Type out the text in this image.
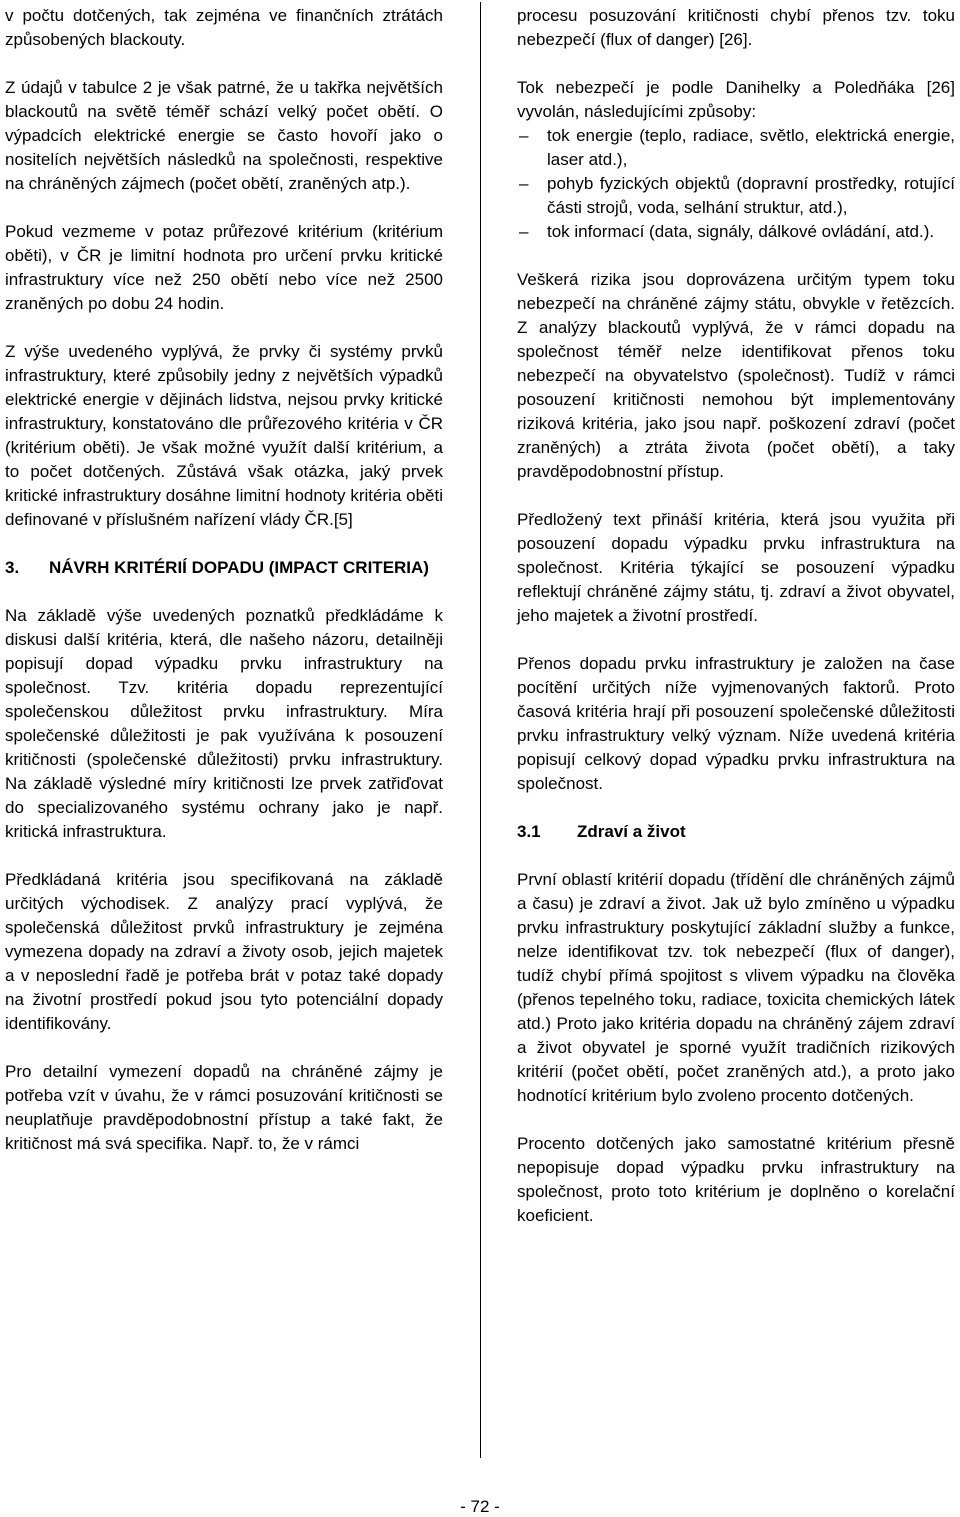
v počtu dotčených, tak zejména ve finančních ztrátách způsobených blackouty.

Z údajů v tabulce 2 je však patrné, že u takřka největších blackoutů na světě téměř schází velký počet obětí. O výpadcích elektrické energie se často hovoří jako o nositelích největších následků na společnosti, respektive na chráněných zájmech (počet obětí, zraněných atp.).

Pokud vezmeme v potaz průřezové kritérium (kritérium oběti), v ČR je limitní hodnota pro určení prvku kritické infrastruktury více než 250 obětí nebo více než 2500 zraněných po dobu 24 hodin.

Z výše uvedeného vyplývá, že prvky či systémy prvků infrastruktury, které způsobily jedny z největších výpadků elektrické energie v dějinách lidstva, nejsou prvky kritické infrastruktury, konstatováno dle průřezového kritéria v ČR (kritérium oběti). Je však možné využít další kritérium, a to počet dotčených. Zůstává však otázka, jaký prvek kritické infrastruktury dosáhne limitní hodnoty kritéria oběti definované v příslušném nařízení vlády ČR.[5]

3.	NÁVRH KRITÉRIÍ DOPADU (IMPACT CRITERIA)

Na základě výše uvedených poznatků předkládáme k diskusi další kritéria, která, dle našeho názoru, detailněji popisují dopad výpadku prvku infrastruktury na společnost. Tzv. kritéria dopadu reprezentující společenskou důležitost prvku infrastruktury. Míra společenské důležitosti je pak využívána k posouzení kritičnosti (společenské důležitosti) prvku infrastruktury. Na základě výsledné míry kritičnosti lze prvek zatřiďovat do specializovaného systému ochrany jako je např. kritická infrastruktura.

Předkládaná kritéria jsou specifikovaná na základě určitých východisek. Z analýzy prací vyplývá, že společenská důležitost prvků infrastruktury je zejména vymezena dopady na zdraví a životy osob, jejich majetek a v neposlední řadě je potřeba brát v potaz také dopady na životní prostředí pokud jsou tyto potenciální dopady identifikovány.

Pro detailní vymezení dopadů na chráněné zájmy je potřeba vzít v úvahu, že v rámci posuzování kritičnosti se neuplatňuje pravděpodobnostní přístup a také fakt, že kritičnost má svá specifika. Např. to, že v rámci

procesu posuzování kritičnosti chybí přenos tzv. toku nebezpečí (flux of danger) [26].

Tok nebezpečí je podle Danihelky a Poledňáka [26] vyvolán, následujícími způsoby:

– tok energie (teplo, radiace, světlo, elektrická energie, laser atd.),
– pohyb fyzických objektů (dopravní prostředky, rotující části strojů, voda, selhání struktur, atd.),
– tok informací (data, signály, dálkové ovládání, atd.).

Veškerá rizika jsou doprovázena určitým typem toku nebezpečí na chráněné zájmy státu, obvykle v řetězcích. Z analýzy blackoutů vyplývá, že v rámci dopadu na společnost téměř nelze identifikovat přenos toku nebezpečí na obyvatelstvo (společnost). Tudíž v rámci posouzení kritičnosti nemohou být implementovány riziková kritéria, jako jsou např. poškození zdraví (počet zraněných) a ztráta života (počet obětí), a taky pravděpodobnostní přístup.

Předložený text přináší kritéria, která jsou využita při posouzení dopadu výpadku prvku infrastruktura na společnost. Kritéria týkající se posouzení výpadku reflektují chráněné zájmy státu, tj. zdraví a život obyvatel, jeho majetek a životní prostředí.

Přenos dopadu prvku infrastruktury je založen na čase pocítění určitých níže vyjmenovaných faktorů. Proto časová kritéria hrají při posouzení společenské důležitosti prvku infrastruktury velký význam. Níže uvedená kritéria popisují celkový dopad výpadku prvku infrastruktura na společnost.

3.1	Zdraví a život

První oblastí kritérií dopadu (třídění dle chráněných zájmů a času) je zdraví a život. Jak už bylo zmíněno u výpadku prvku infrastruktury poskytující základní služby a funkce, nelze identifikovat tzv. tok nebezpečí (flux of danger), tudíž chybí přímá spojitost s vlivem výpadku na člověka (přenos tepelného toku, radiace, toxicita chemických látek atd.) Proto jako kritéria dopadu na chráněný zájem zdraví a život obyvatel je sporné využít tradičních rizikových kritérií (počet obětí, počet zraněných atd.), a proto jako hodnotící kritérium bylo zvoleno procento dotčených.

Procento dotčených jako samostatné kritérium přesně nepopisuje dopad výpadku prvku infrastruktury na společnost, proto toto kritérium je doplněno o korelační koeficient.

- 72 -
